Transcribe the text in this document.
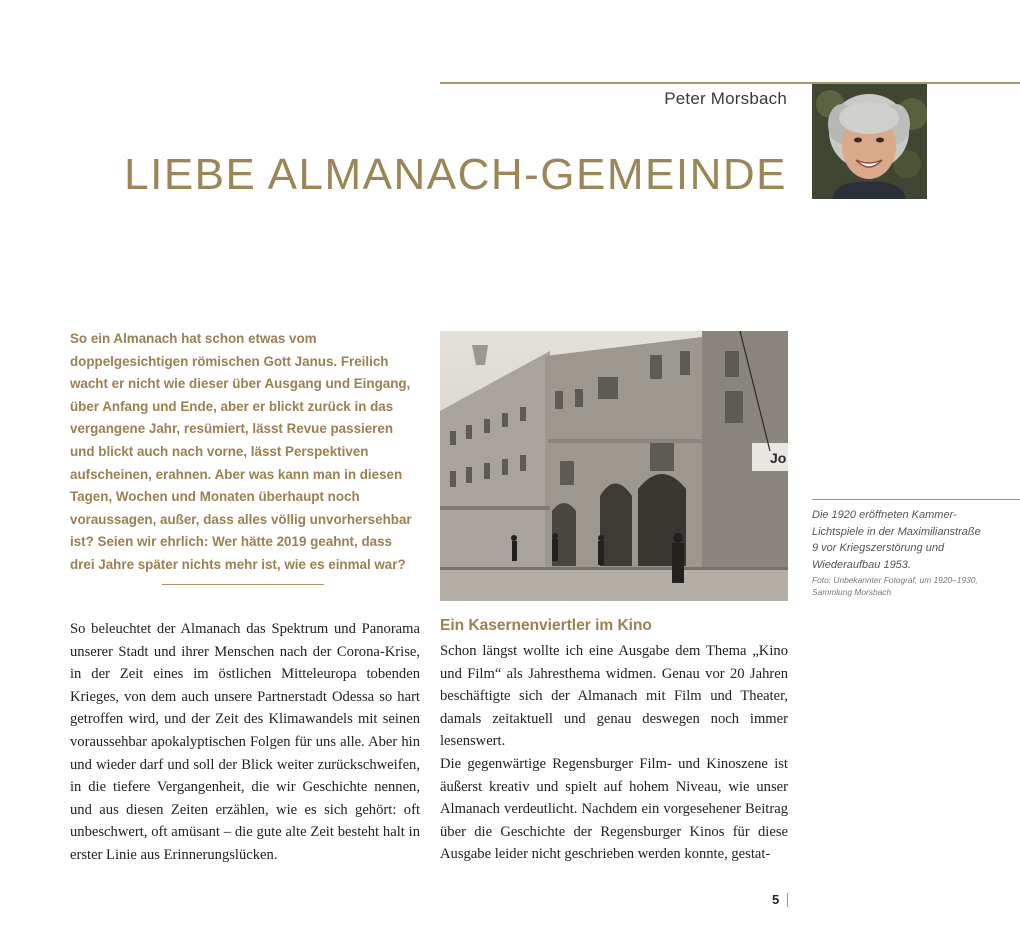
Peter Morsbach
LIEBE ALMANACH-GEMEINDE
So ein Almanach hat schon etwas vom doppelgesichtigen römischen Gott Janus. Freilich wacht er nicht wie dieser über Ausgang und Eingang, über Anfang und Ende, aber er blickt zurück in das vergangene Jahr, resümiert, lässt Revue passieren und blickt auch nach vorne, lässt Perspektiven aufscheinen, erahnen. Aber was kann man in diesen Tagen, Wochen und Monaten überhaupt noch voraussagen, außer, dass alles völlig unvorhersehbar ist? Seien wir ehrlich: Wer hätte 2019 geahnt, dass drei Jahre später nichts mehr ist, wie es einmal war?

So beleuchtet der Almanach das Spektrum und Panorama unserer Stadt und ihrer Menschen nach der Corona-Krise, in der Zeit eines im östlichen Mitteleuropa tobenden Krieges, von dem auch unsere Partnerstadt Odessa so hart getroffen wird, und der Zeit des Klimawandels mit seinen voraussehbar apokalyptischen Folgen für uns alle. Aber hin und wieder darf und soll der Blick weiter zurückschweifen, in die tiefere Vergangenheit, die wir Geschichte nennen, und aus diesen Zeiten erzählen, wie es sich gehört: oft unbeschwert, oft amüsant – die gute alte Zeit besteht halt in erster Linie aus Erinnerungslücken.

Jo
Die 1920 eröffneten Kammer-Lichtspiele in der Maximilianstraße 9 vor Kriegszerstörung und Wiederaufbau 1953.
Foto: Unbekannter Fotograf, um 1920–1930, Sammlung Morsbach
Ein Kasernenviertler im Kino

Schon längst wollte ich eine Ausgabe dem Thema „Kino und Film“ als Jahresthema widmen. Genau vor 20 Jahren beschäftigte sich der Almanach mit Film und Theater, damals zeitaktuell und genau deswegen noch immer lesenswert.

Die gegenwärtige Regensburger Film- und Kinoszene ist äußerst kreativ und spielt auf hohem Niveau, wie unser Almanach verdeutlicht. Nachdem ein vorgesehener Beitrag über die Geschichte der Regensburger Kinos für diese Ausgabe leider nicht geschrieben werden konnte, gestat-

5
